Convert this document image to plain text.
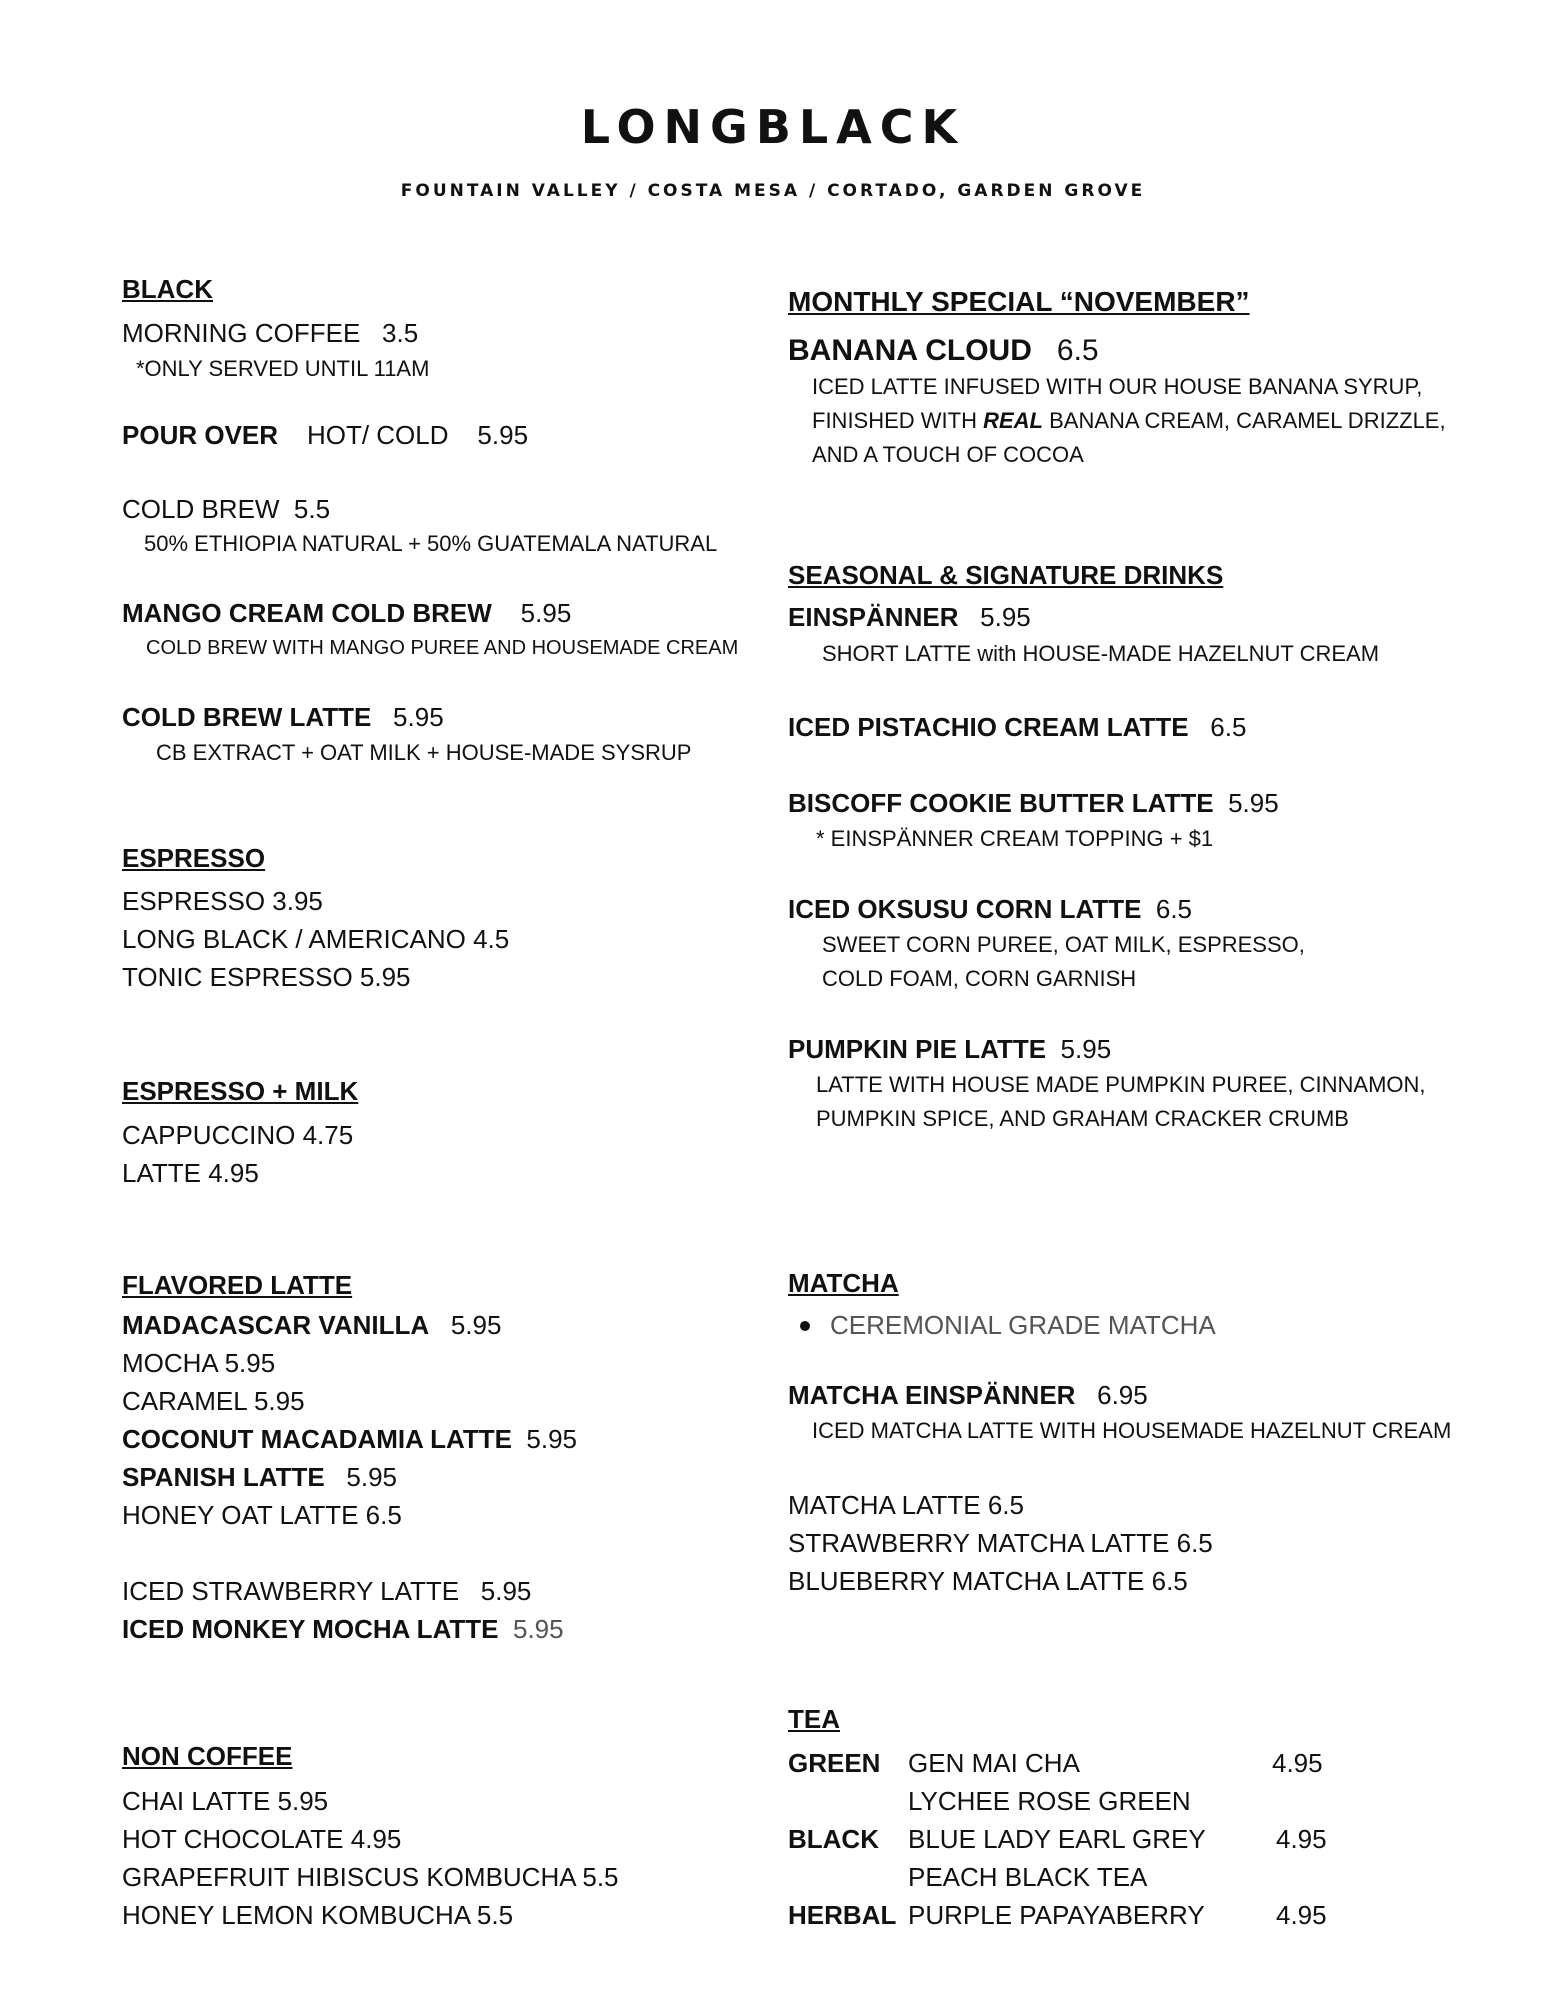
LONGBLACK
FOUNTAIN VALLEY / COSTA MESA / CORTADO, GARDEN GROVE
BLACK
MORNING COFFEE 3.5
*ONLY SERVED UNTIL 11AM
POUR OVER HOT/ COLD 5.95
COLD BREW 5.5
50% ETHIOPIA NATURAL + 50% GUATEMALA NATURAL
MANGO CREAM COLD BREW 5.95
COLD BREW WITH MANGO PUREE AND HOUSEMADE CREAM
COLD BREW LATTE 5.95
CB EXTRACT + OAT MILK + HOUSE-MADE SYSRUP
ESPRESSO
ESPRESSO 3.95
LONG BLACK / AMERICANO 4.5
TONIC ESPRESSO 5.95
ESPRESSO + MILK
CAPPUCCINO 4.75
LATTE 4.95
FLAVORED LATTE
MADACASCAR VANILLA 5.95
MOCHA 5.95
CARAMEL 5.95
COCONUT MACADAMIA LATTE 5.95
SPANISH LATTE 5.95
HONEY OAT LATTE 6.5
ICED STRAWBERRY LATTE 5.95
ICED MONKEY MOCHA LATTE 5.95
NON COFFEE
CHAI LATTE 5.95
HOT CHOCOLATE 4.95
GRAPEFRUIT HIBISCUS KOMBUCHA 5.5
HONEY LEMON KOMBUCHA 5.5
MONTHLY SPECIAL “NOVEMBER”
BANANA CLOUD 6.5
ICED LATTE INFUSED WITH OUR HOUSE BANANA SYRUP,
FINISHED WITH REAL BANANA CREAM, CARAMEL DRIZZLE,
AND A TOUCH OF COCOA
SEASONAL & SIGNATURE DRINKS
EINSPÄNNER 5.95
SHORT LATTE with HOUSE-MADE HAZELNUT CREAM
ICED PISTACHIO CREAM LATTE 6.5
BISCOFF COOKIE BUTTER LATTE 5.95
* EINSPÄNNER CREAM TOPPING + $1
ICED OKSUSU CORN LATTE 6.5
SWEET CORN PUREE, OAT MILK, ESPRESSO,
COLD FOAM, CORN GARNISH
PUMPKIN PIE LATTE 5.95
LATTE WITH HOUSE MADE PUMPKIN PUREE, CINNAMON,
PUMPKIN SPICE, AND GRAHAM CRACKER CRUMB
MATCHA
CEREMONIAL GRADE MATCHA
MATCHA EINSPÄNNER 6.95
ICED MATCHA LATTE WITH HOUSEMADE HAZELNUT CREAM
MATCHA LATTE 6.5
STRAWBERRY MATCHA LATTE 6.5
BLUEBERRY MATCHA LATTE 6.5
TEA
GREEN GEN MAI CHA	4.95
LYCHEE ROSE GREEN
BLACK BLUE LADY EARL GREY	4.95
PEACH BLACK TEA
HERBAL PURPLE PAPAYABERRY	4.95
